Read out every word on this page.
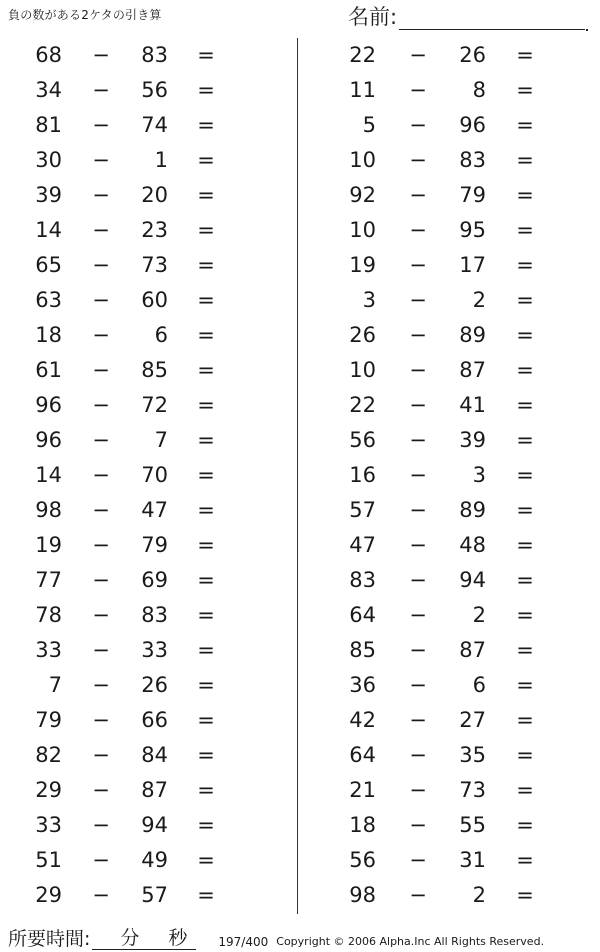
負の数がある2ケタの引き算	名前:
68 −	83 =
34 −	56 =
81 −	74 =
30 −	1 =
39 −	20 =
14 −	23 =
65 −	73 =
63 −	60 =
18 −	6 =
61 −	85 =
96 −	72 =
96 −	7 =
14 −	70 =
98 −	47 =
19 −	79 =
77 −	69 =
78 −	83 =
33 −	33 =
7 −	26 =
79 −	66 =
82 −	84 =
29 −	87 =
33 −	94 =
51 −	49 =
29 −	57 =
22 −	26 =
11 −	8 =
5 −	96 =
10 −	83 =
92 −	79 =
10 −	95 =
19 −	17 =
3 −	2 =
26 −	89 =
10 −	87 =
22 −	41 =
56 −	39 =
16 −	3 =
57 −	89 =
47 −	48 =
83 −	94 =
64 −	2 =
85 −	87 =
36 −	6 =
42 −	27 =
64 −	35 =
21 −	73 =
18 −	55 =
56 −	31 =
98 −	2 =
所要時間: 分 秒	197/400 Copyright © 2006 Alpha.Inc All Rights Reserved.
